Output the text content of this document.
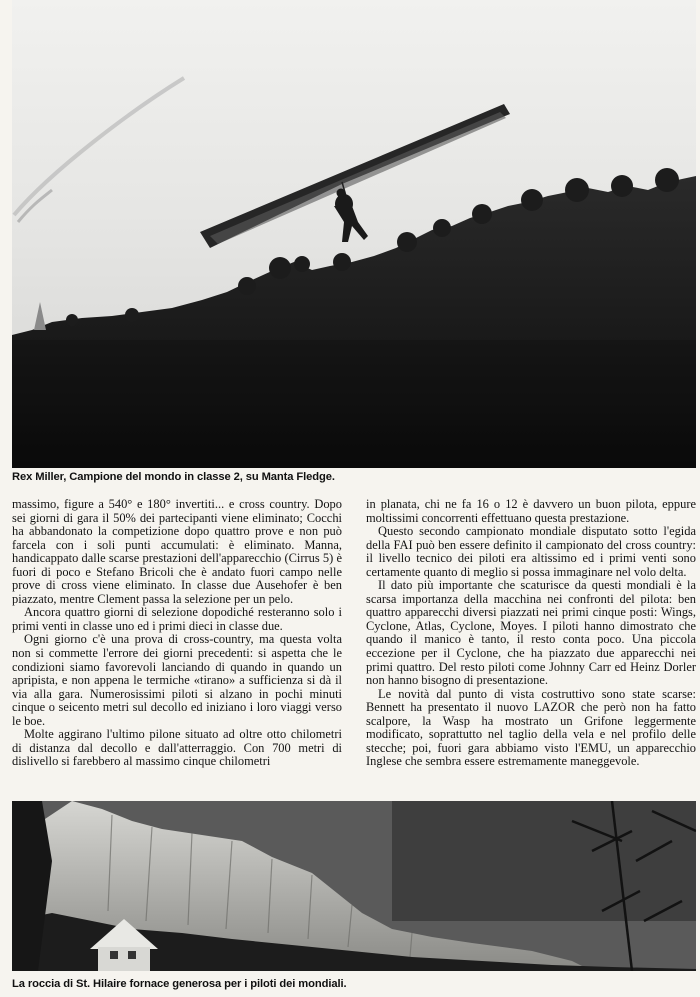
Rex Miller, Campione del mondo in classe 2, su Manta Fledge.

massimo, figure a 540° e 180° invertiti... e cross country. Dopo sei giorni di gara il 50% dei partecipanti viene eliminato; Cocchi ha abbandonato la competizione dopo quattro prove e non può farcela con i soli punti accumulati: è eliminato. Manna, handicappato dalle scarse prestazioni dell'apparecchio (Cirrus 5) è fuori di poco e Stefano Bricoli che è andato fuori campo nelle prove di cross viene eliminato. In classe due Ausehofer è ben piazzato, mentre Clement passa la selezione per un pelo.

Ancora quattro giorni di selezione dopodiché resteranno solo i primi venti in classe uno ed i primi dieci in classe due.

Ogni giorno c'è una prova di cross-country, ma questa volta non si commette l'errore dei giorni precedenti: si aspetta che le condizioni siamo favorevoli lanciando di quando in quando un apripista, e non appena le termiche «tirano» a sufficienza si dà il via alla gara. Numerosissimi piloti si alzano in pochi minuti cinque o seicento metri sul decollo ed iniziano i loro viaggi verso le boe.

Molte aggirano l'ultimo pilone situato ad oltre otto chilometri di distanza dal decollo e dall'atterraggio. Con 700 metri di dislivello si farebbero al massimo cinque chilometri

in planata, chi ne fa 16 o 12 è davvero un buon pilota, eppure moltissimi concorrenti effettuano questa prestazione.

Questo secondo campionato mondiale disputato sotto l'egida della FAI può ben essere definito il campionato del cross country: il livello tecnico dei piloti era altissimo ed i primi venti sono certamente quanto di meglio si possa immaginare nel volo delta.

Il dato più importante che scaturisce da questi mondiali è la scarsa importanza della macchina nei confronti del pilota: ben quattro apparecchi diversi piazzati nei primi cinque posti: Wings, Cyclone, Atlas, Cyclone, Moyes. I piloti hanno dimostrato che quando il manico è tanto, il resto conta poco. Una piccola eccezione per il Cyclone, che ha piazzato due apparecchi nei primi quattro. Del resto piloti come Johnny Carr ed Heinz Dorler non hanno bisogno di presentazione.

Le novità dal punto di vista costruttivo sono state scarse: Bennett ha presentato il nuovo LAZOR che però non ha fatto scalpore, la Wasp ha mostrato un Grifone leggermente modificato, soprattutto nel taglio della vela e nel profilo delle stecche; poi, fuori gara abbiamo visto l'EMU, un apparecchio Inglese che sembra essere estremamente maneggevole.

La roccia di St. Hilaire fornace generosa per i piloti dei mondiali.
